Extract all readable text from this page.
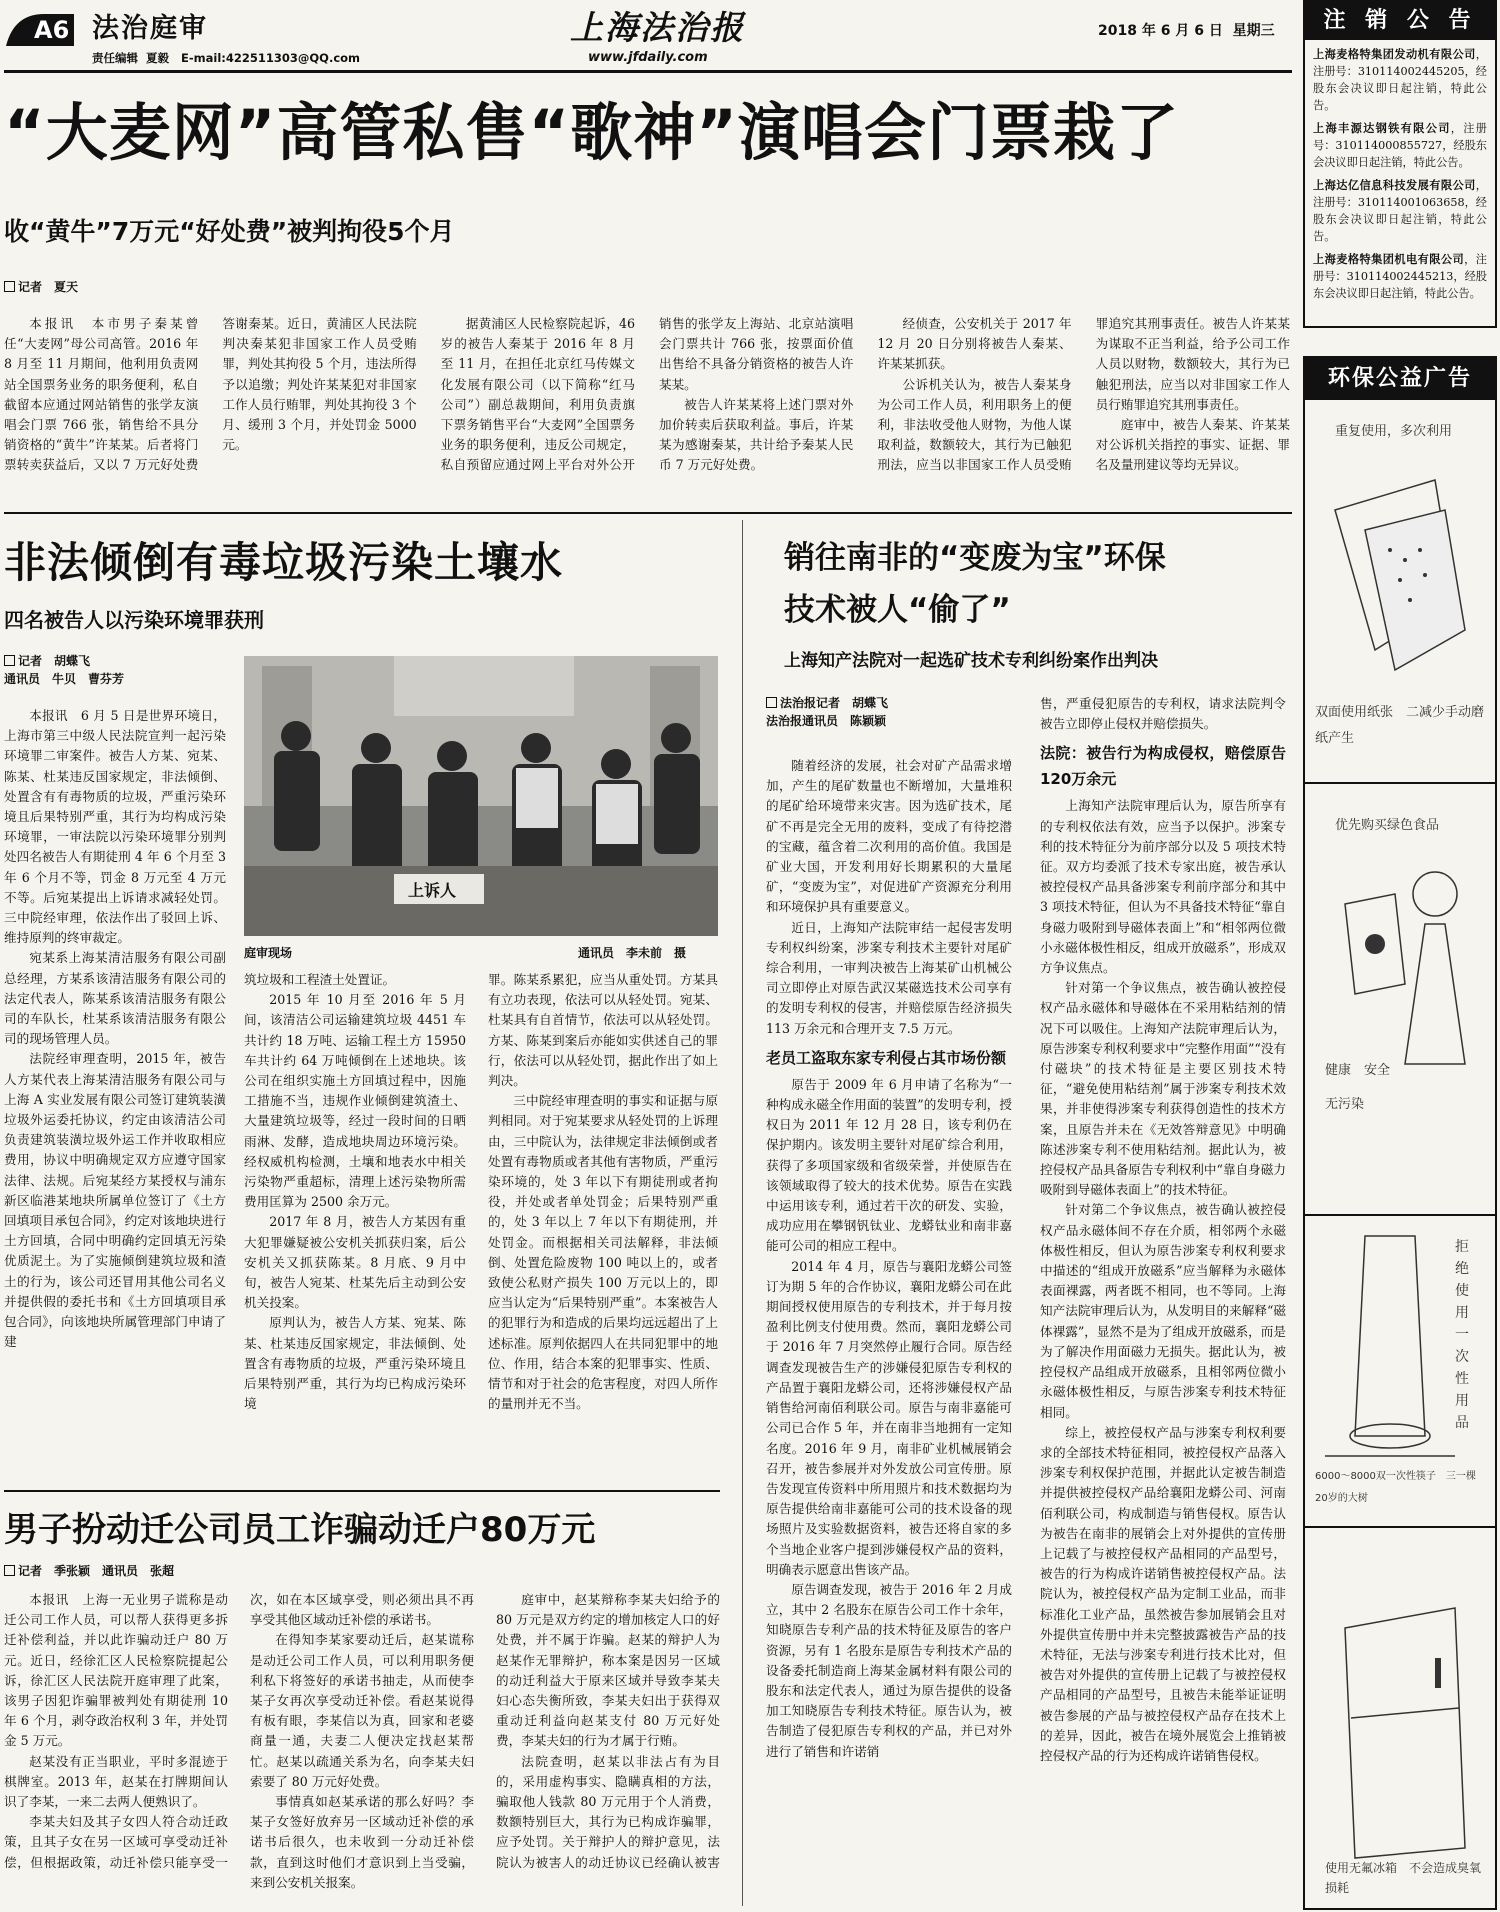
A6 法治庭审
责任编辑 夏毅 E-mail:422511303@QQ.com
上海法治报
www.jfdaily.com
2018 年 6 月 6 日 星期三
“大麦网”高管私售“歌神”演唱会门票栽了
收“黄牛”7万元“好处费”被判拘役5个月
记者　夏天

本报讯　本市男子秦某曾任“大麦网”母公司高管。2016 年 8 月至 11 月期间，他利用负责网站全国票务业务的职务便利，私自截留本应通过网站销售的张学友演唱会门票 766 张，销售给不具分销资格的“黄牛”许某某。后者将门票转卖获益后，又以 7 万元好处费答谢秦某。近日，黄浦区人民法院判决秦某犯非国家工作人员受贿罪，判处其拘役 5 个月，违法所得予以追缴；判处许某某犯对非国家工作人员行贿罪，判处其拘役 3 个月、缓刑 3 个月，并处罚金 5000 元。

据黄浦区人民检察院起诉，46 岁的被告人秦某于 2016 年 8 月至 11 月，在担任北京红马传媒文化发展有限公司（以下简称“红马公司”）副总裁期间，利用负责旗下票务销售平台“大麦网”全国票务业务的职务便利，违反公司规定，私自预留应通过网上平台对外公开销售的张学友上海站、北京站演唱会门票共计 766 张，按票面价值出售给不具备分销资格的被告人许某某。

被告人许某某将上述门票对外加价转卖后获取利益。事后，许某某为感谢秦某，共计给予秦某人民币 7 万元好处费。

经侦查，公安机关于 2017 年 12 月 20 日分别将被告人秦某、许某某抓获。

公诉机关认为，被告人秦某身为公司工作人员，利用职务上的便利，非法收受他人财物，为他人谋取利益，数额较大，其行为已触犯刑法，应当以非国家工作人员受贿罪追究其刑事责任。被告人许某某为谋取不正当利益，给予公司工作人员以财物，数额较大，其行为已触犯刑法，应当以对非国家工作人员行贿罪追究其刑事责任。

庭审中，被告人秦某、许某某对公诉机关指控的事实、证据、罪名及量刑建议等均无异议。

非法倾倒有毒垃圾污染土壤水
四名被告人以污染环境罪获刑
记者　胡蝶飞
通讯员　牛贝　曹芬芳
上诉人
庭审现场	通讯员　李未前　摄

本报讯　6 月 5 日是世界环境日，上海市第三中级人民法院宣判一起污染环境罪二审案件。被告人方某、宛某、陈某、杜某违反国家规定，非法倾倒、处置含有有毒物质的垃圾，严重污染环境且后果特别严重，其行为均构成污染环境罪，一审法院以污染环境罪分别判处四名被告人有期徒刑 4 年 6 个月至 3 年 6 个月不等，罚金 8 万元至 4 万元不等。后宛某提出上诉请求减轻处罚。三中院经审理，依法作出了驳回上诉、维持原判的终审裁定。

宛某系上海某清洁服务有限公司副总经理，方某系该清洁服务有限公司的法定代表人，陈某系该清洁服务有限公司的车队长，杜某系该清洁服务有限公司的现场管理人员。

法院经审理查明，2015 年，被告人方某代表上海某清洁服务有限公司与上海 A 实业发展有限公司签订建筑装潢垃圾外运委托协议，约定由该清洁公司负责建筑装潢垃圾外运工作并收取相应费用，协议中明确规定双方应遵守国家法律、法规。后宛某经方某授权与浦东新区临港某地块所属单位签订了《土方回填项目承包合同》，约定对该地块进行土方回填，合同中明确约定回填无污染优质泥土。为了实施倾倒建筑垃圾和渣土的行为，该公司还冒用其他公司名义并提供假的委托书和《土方回填项目承包合同》，向该地块所属管理部门申请了建

筑垃圾和工程渣土处置证。

2015 年 10 月至 2016 年 5 月间，该清洁公司运输建筑垃圾 4451 车共计约 18 万吨、运输工程土方 15950 车共计约 64 万吨倾倒在上述地块。该公司在组织实施土方回填过程中，因施工措施不当，违规作业倾倒建筑渣土、大量建筑垃圾等，经过一段时间的日晒雨淋、发酵，造成地块周边环境污染。经权威机构检测，土壤和地表水中相关污染物严重超标，清理上述污染物所需费用匡算为 2500 余万元。

2017 年 8 月，被告人方某因有重大犯罪嫌疑被公安机关抓获归案，后公安机关又抓获陈某。8 月底、9 月中旬，被告人宛某、杜某先后主动到公安机关投案。

原判认为，被告人方某、宛某、陈某、杜某违反国家规定，非法倾倒、处置含有毒物质的垃圾，严重污染环境且后果特别严重，其行为均已构成污染环境

罪。陈某系累犯，应当从重处罚。方某具有立功表现，依法可以从轻处罚。宛某、杜某具有自首情节，依法可以从轻处罚。方某、陈某到案后亦能如实供述自己的罪行，依法可以从轻处罚，据此作出了如上判决。

三中院经审理查明的事实和证据与原判相同。对于宛某要求从轻处罚的上诉理由，三中院认为，法律规定非法倾倒或者处置有毒物质或者其他有害物质，严重污染环境的，处 3 年以下有期徒刑或者拘役，并处或者单处罚金；后果特别严重的，处 3 年以上 7 年以下有期徒刑，并处罚金。而根据相关司法解释，非法倾倒、处置危险废物 100 吨以上的，或者致使公私财产损失 100 万元以上的，即应当认定为“后果特别严重”。本案被告人的犯罪行为和造成的后果均远远超出了上述标准。原判依据四人在共同犯罪中的地位、作用，结合本案的犯罪事实、性质、情节和对于社会的危害程度，对四人所作的量刑并无不当。

销往南非的“变废为宝”环保
技术被人“偷了”
上海知产法院对一起选矿技术专利纠纷案作出判决
法治报记者　胡蝶飞
法治报通讯员　陈颖颖

随着经济的发展，社会对矿产品需求增加，产生的尾矿数量也不断增加，大量堆积的尾矿给环境带来灾害。因为选矿技术，尾矿不再是完全无用的废料，变成了有待挖潜的宝藏，蕴含着二次利用的高价值。我国是矿业大国，开发利用好长期累积的大量尾矿，“变废为宝”，对促进矿产资源充分利用和环境保护具有重要意义。

近日，上海知产法院审结一起侵害发明专利权纠纷案，涉案专利技术主要针对尾矿综合利用，一审判决被告上海某矿山机械公司立即停止对原告武汉某磁选技术公司享有的发明专利权的侵害，并赔偿原告经济损失 113 万余元和合理开支 7.5 万元。

老员工盗取东家专利侵占其市场份额

原告于 2009 年 6 月申请了名称为“一种构成永磁全作用面的装置”的发明专利，授权日为 2011 年 12 月 28 日，该专利仍在保护期内。该发明主要针对尾矿综合利用，获得了多项国家级和省级荣誉，并使原告在该领域取得了较大的技术优势。原告在实践中运用该专利，通过若干次的研发、实验，成功应用在攀钢钒钛业、龙蟒钛业和南非嘉能可公司的相应工程中。

2014 年 4 月，原告与襄阳龙蟒公司签订为期 5 年的合作协议，襄阳龙蟒公司在此期间授权使用原告的专利技术，并于每月按盈利比例支付使用费。然而，襄阳龙蟒公司于 2016 年 7 月突然停止履行合同。原告经调查发现被告生产的涉嫌侵犯原告专利权的产品置于襄阳龙蟒公司，还将涉嫌侵权产品销售给河南佰利联公司。原告与南非嘉能可公司已合作 5 年，并在南非当地拥有一定知名度。2016 年 9 月，南非矿业机械展销会召开，被告参展并对外发放公司宣传册。原告发现宣传资料中所用照片和技术数据均为原告提供给南非嘉能可公司的技术设备的现场照片及实验数据资料，被告还将自家的多个当地企业客户提到涉嫌侵权产品的资料，明确表示愿意出售该产品。

原告调查发现，被告于 2016 年 2 月成立，其中 2 名股东在原告公司工作十余年，知晓原告专利产品的技术特征及原告的客户资源，另有 1 名股东是原告专利技术产品的设备委托制造商上海某金属材料有限公司的股东和法定代表人，通过为原告提供的设备加工知晓原告专利技术特征。原告认为，被告制造了侵犯原告专利权的产品，并已对外进行了销售和许诺销

售，严重侵犯原告的专利权，请求法院判令被告立即停止侵权并赔偿损失。

法院：被告行为构成侵权，赔偿原告120万余元

上海知产法院审理后认为，原告所享有的专利权依法有效，应当予以保护。涉案专利的技术特征分为前序部分以及 5 项技术特征。双方均委派了技术专家出庭，被告承认被控侵权产品具备涉案专利前序部分和其中 3 项技术特征，但认为不具备技术特征“靠自身磁力吸附到导磁体表面上”和“相邻两位微小永磁体极性相反，组成开放磁系”，形成双方争议焦点。

针对第一个争议焦点，被告确认被控侵权产品永磁体和导磁体在不采用粘结剂的情况下可以吸住。上海知产法院审理后认为，原告涉案专利权利要求中“完整作用面”“没有付磁块”的技术特征是主要区别技术特征，“避免使用粘结剂”属于涉案专利技术效果，并非使得涉案专利获得创造性的技术方案，且原告并未在《无效答辩意见》中明确陈述涉案专利不使用粘结剂。据此认为，被控侵权产品具备原告专利权利中“靠自身磁力吸附到导磁体表面上”的技术特征。

针对第二个争议焦点，被告确认被控侵权产品永磁体间不存在介质，相邻两个永磁体极性相反，但认为原告涉案专利权利要求中描述的“组成开放磁系”应当解释为永磁体表面裸露，两者既不相同，也不等同。上海知产法院审理后认为，从发明目的来解释“磁体裸露”，显然不是为了组成开放磁系，而是为了解决作用面磁力无损失。据此认为，被控侵权产品组成开放磁系，且相邻两位微小永磁体极性相反，与原告涉案专利技术特征相同。

综上，被控侵权产品与涉案专利权利要求的全部技术特征相同，被控侵权产品落入涉案专利权保护范围，并据此认定被告制造并提供被控侵权产品给襄阳龙蟒公司、河南佰利联公司，构成制造与销售侵权。原告认为被告在南非的展销会上对外提供的宣传册上记载了与被控侵权产品相同的产品型号，被告的行为构成许诺销售被控侵权产品。法院认为，被控侵权产品为定制工业品，而非标准化工业产品，虽然被告参加展销会且对外提供宣传册中并未完整披露被告产品的技术特征，无法与涉案专利进行技术比对，但被告对外提供的宣传册上记载了与被控侵权产品相同的产品型号，且被告未能举证证明被告参展的产品与被控侵权产品存在技术上的差异，因此，被告在境外展览会上推销被控侵权产品的行为还构成许诺销售侵权。

男子扮动迁公司员工诈骗动迁户80万元
记者　季张颖　通讯员　张超

本报讯　上海一无业男子谎称是动迁公司工作人员，可以帮人获得更多拆迁补偿利益，并以此诈骗动迁户 80 万元。近日，经徐汇区人民检察院提起公诉，徐汇区人民法院开庭审理了此案，该男子因犯诈骗罪被判处有期徒刑 10 年 6 个月，剥夺政治权利 3 年，并处罚金 5 万元。

赵某没有正当职业，平时多混迹于棋牌室。2013 年，赵某在打牌期间认识了李某，一来二去两人便熟识了。

李某夫妇及其子女四人符合动迁政策，且其子女在另一区域可享受动迁补偿，但根据政策，动迁补偿只能享受一次，如在本区域享受，则必须出具不再享受其他区域动迁补偿的承诺书。

在得知李某家要动迁后，赵某谎称是动迁公司工作人员，可以利用职务便利私下将签好的承诺书抽走，从而使李某子女再次享受动迁补偿。看赵某说得有板有眼，李某信以为真，回家和老婆商量一通，夫妻二人便决定找赵某帮忙。赵某以疏通关系为名，向李某夫妇索要了 80 万元好处费。

事情真如赵某承诺的那么好吗？李某子女签好放弃另一区域动迁补偿的承诺书后很久，也未收到一分动迁补偿款，直到这时他们才意识到上当受骗，来到公安机关报案。

庭审中，赵某辩称李某夫妇给予的 80 万元是双方约定的增加核定人口的好处费，并不属于诈骗。赵某的辩护人为赵某作无罪辩护，称本案是因另一区域的动迁利益大于原来区域并导致李某夫妇心态失衡所致，李某夫妇出于获得双重动迁利益向赵某支付 80 万元好处费，李某夫妇的行为才属于行贿。

法院查明，赵某以非法占有为目的，采用虚构事实、隐瞒真相的方法，骗取他人钱款 80 万元用于个人消费，数额特别巨大，其行为已构成诈骗罪，应予处罚。关于辩护人的辩护意见，法院认为被害人的动迁协议已经确认被害

注 销 公 告
上海麦格特集团发动机有限公司，注册号：310114002445205，经股东会决议即日起注销，特此公告。
上海丰源达钢铁有限公司，注册号：310114000855727，经股东会决议即日起注销，特此公告。
上海达亿信息科技发展有限公司，注册号：310114001063658，经股东会决议即日起注销，特此公告。
上海麦格特集团机电有限公司，注册号：310114002445213，经股东会决议即日起注销，特此公告。
环保公益广告
重复使用，多次利用
双面使用纸张　二减少手动磨纸产生
优先购买绿色食品
健康　安全　无污染
拒绝使用一次性用品
6000～8000双一次性筷子　三一棵20岁的大树
使用无氟冰箱　不会造成臭氧损耗
